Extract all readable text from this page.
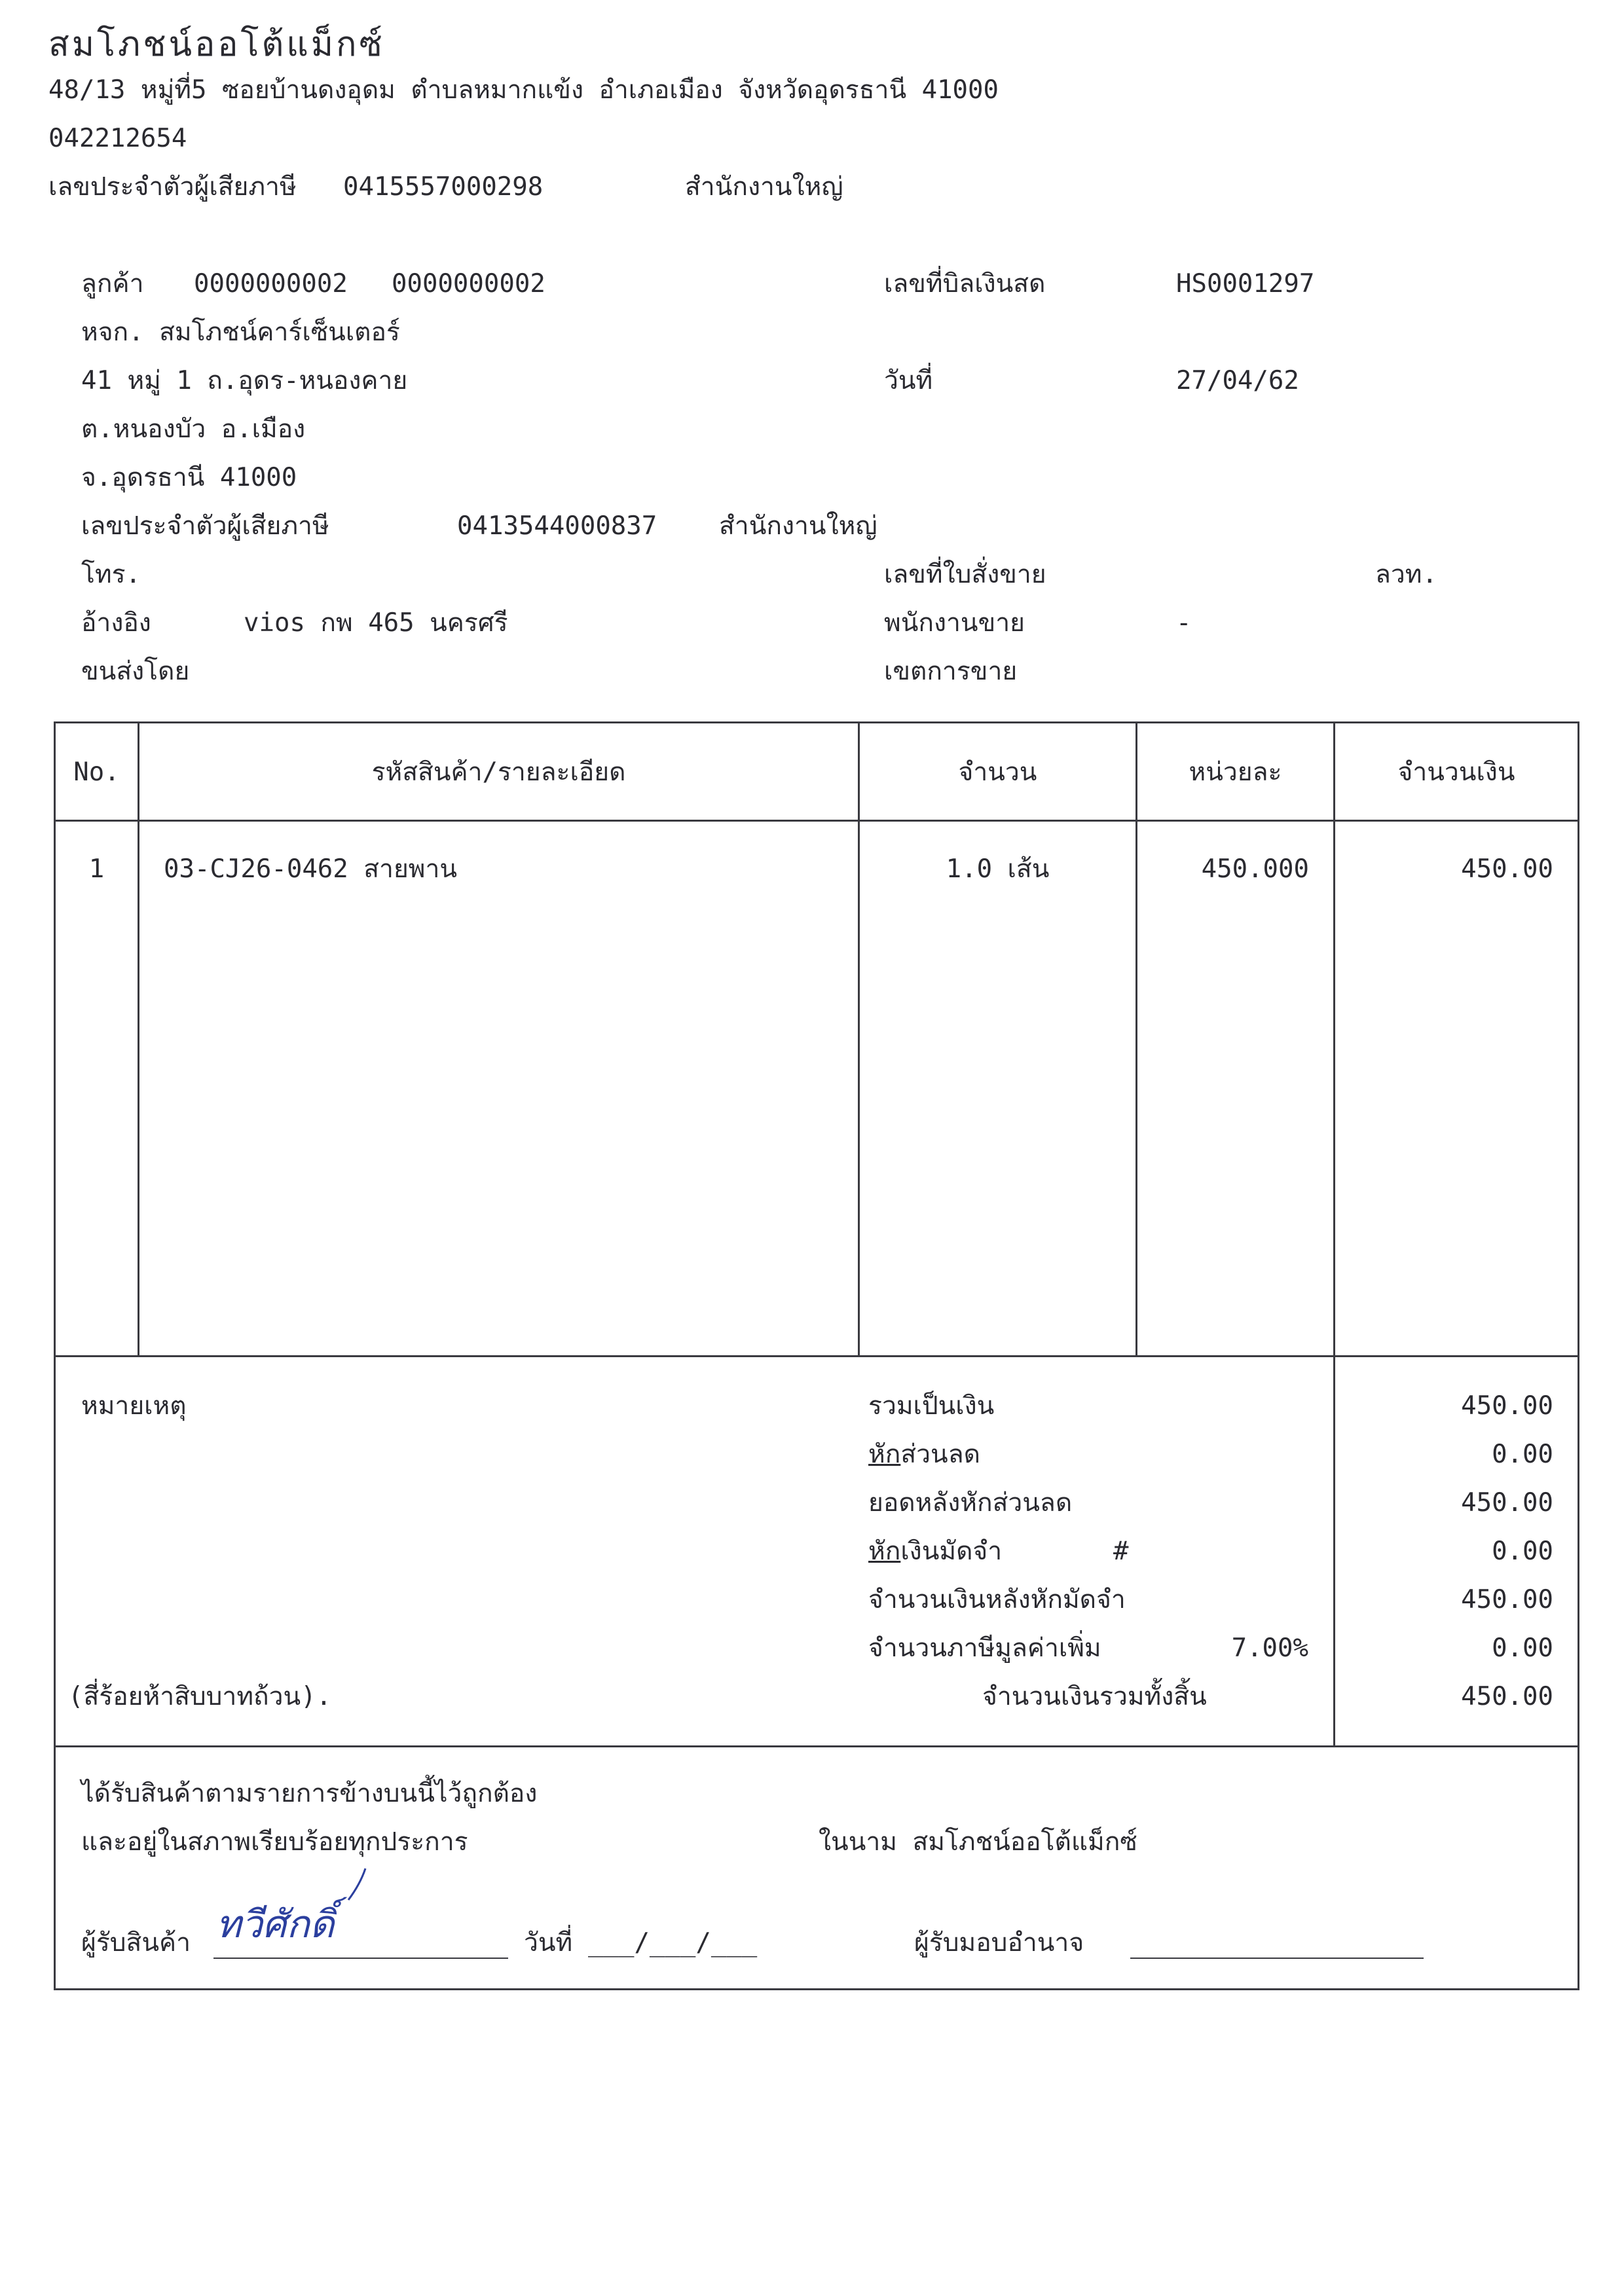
สมโภชน์ออโต้แม็กซ์
48/13 หมู่ที่5 ซอยบ้านดงอุดม ตำบลหมากแข้ง อำเภอเมือง จังหวัดอุดรธานี 41000
042212654
เลขประจำตัวผู้เสียภาษี 0415557000298	สำนักงานใหญ่
ลูกค้า 0000000002 0000000002
หจก. สมโภชน์คาร์เซ็นเตอร์
41 หมู่ 1 ถ.อุดร-หนองคาย
ต.หนองบัว อ.เมือง
จ.อุดรธานี 41000
เลขประจำตัวผู้เสียภาษี	0413544000837 สำนักงานใหญ่
โทร.
อ้างอิง	vios กพ 465 นครศรี
ขนส่งโดย
เลขที่บิลเงินสด	HS0001297
วันที่	27/04/62
เลขที่ใบสั่งขาย	ลวท.
พนักงานขาย	-
เขตการขาย
No.	รหัสสินค้า/รายละเอียด	จำนวน	หน่วยละ	จำนวนเงิน
1	03-CJ26-0462 สายพาน	1.0 เส้น	450.000	450.00
หมายเหตุ	รวมเป็นเงิน	450.00
หักส่วนลด	0.00
ยอดหลังหักส่วนลด	450.00
หักเงินมัดจำ	#	0.00
จำนวนเงินหลังหักมัดจำ	450.00
จำนวนภาษีมูลค่าเพิ่ม	7.00%	0.00
(สี่ร้อยห้าสิบบาทถ้วน).	จำนวนเงินรวมทั้งสิ้น	450.00
ได้รับสินค้าตามรายการข้างบนนี้ไว้ถูกต้อง
และอยู่ในสภาพเรียบร้อยทุกประการ	ในนาม สมโภชน์ออโต้แม็กซ์
ผู้รับสินค้า ทวีศักดิ์	วันที่ ___/___/___	ผู้รับมอบอำนาจ
